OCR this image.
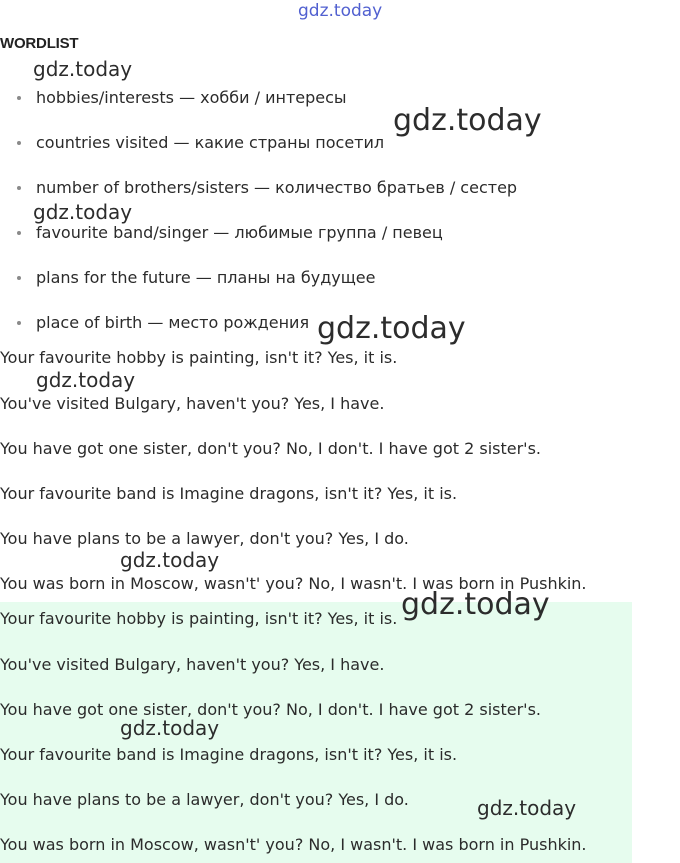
WORDLIST
hobbies/interests — хобби / интересы
countries visited — какие страны посетил
number of brothers/sisters — количество братьев / сестер
favourite band/singer — любимые группа / певец
plans for the future — планы на будущее
place of birth — место рождения
Your favourite hobby is painting, isn't it? Yes, it is.
You've visited Bulgary, haven't you? Yes, I have.
You have got one sister, don't you? No, I don't. I have got 2 sister's.
Your favourite band is Imagine dragons, isn't it? Yes, it is.
You have plans to be a lawyer, don't you? Yes, I do.
You was born in Moscow, wasn't' you? No, I wasn't. I was born in Pushkin.
Your favourite hobby is painting, isn't it? Yes, it is.
You've visited Bulgary, haven't you? Yes, I have.
You have got one sister, don't you? No, I don't. I have got 2 sister's.
Your favourite band is Imagine dragons, isn't it? Yes, it is.
You have plans to be a lawyer, don't you? Yes, I do.
You was born in Moscow, wasn't' you? No, I wasn't. I was born in Pushkin.
gdz.today
gdz.today
gdz.today
gdz.today
gdz.today
gdz.today
gdz.today
gdz.today
gdz.today
gdz.today
